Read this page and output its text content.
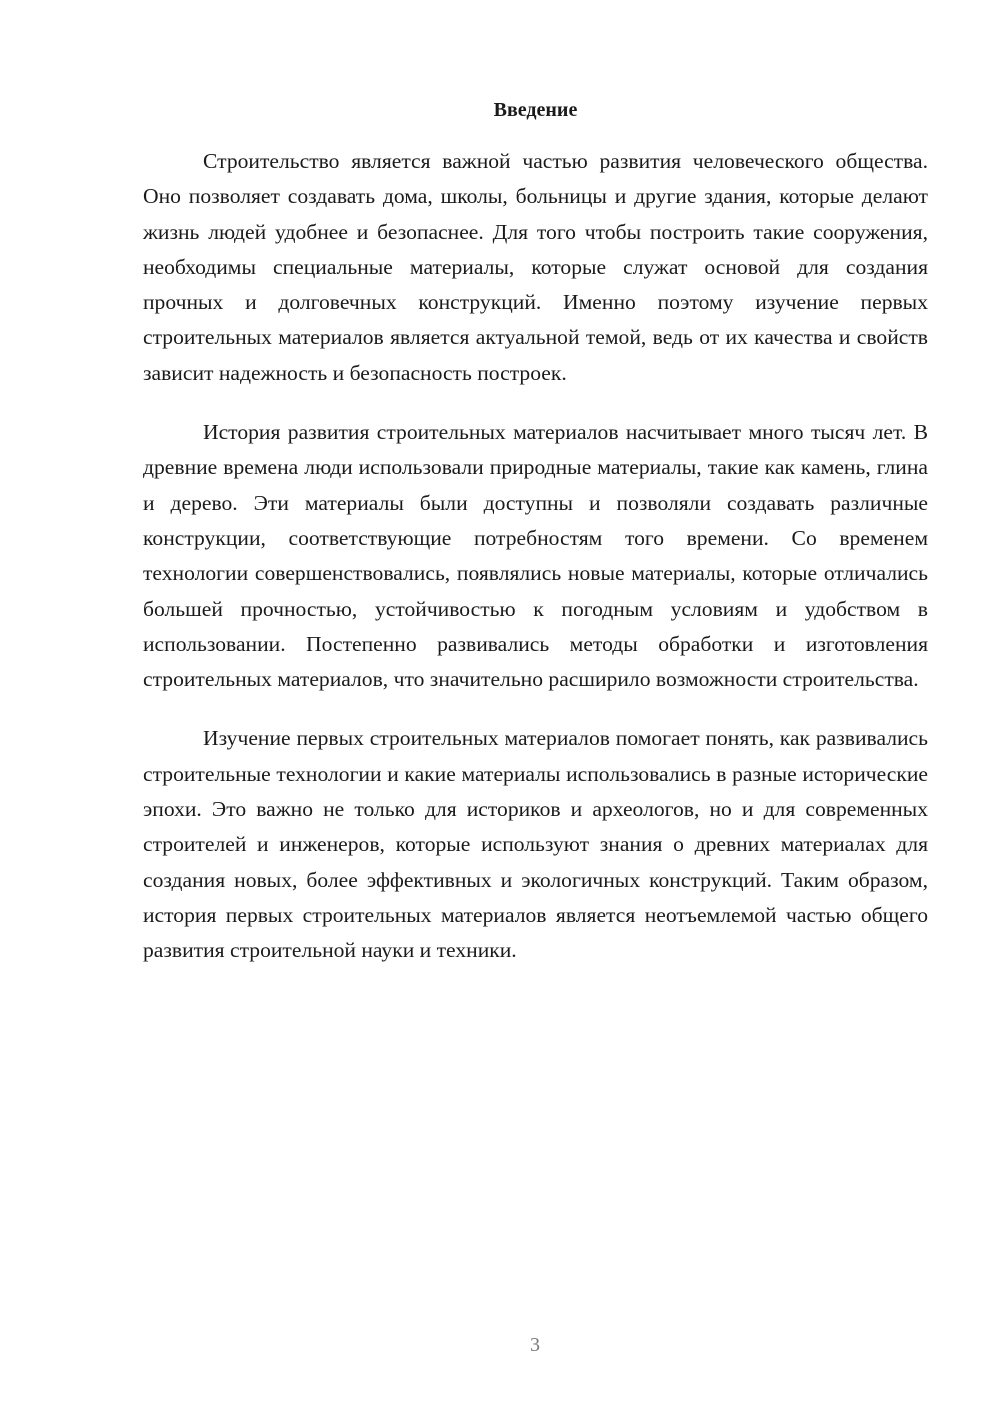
Введение

Строительство является важной частью развития человеческого общества. Оно позволяет создавать дома, школы, больницы и другие здания, которые делают жизнь людей удобнее и безопаснее. Для того чтобы построить такие сооружения, необходимы специальные материалы, которые служат основой для создания прочных и долговечных конструкций. Именно поэтому изучение первых строительных материалов является актуальной темой, ведь от их качества и свойств зависит надежность и безопасность построек.

История развития строительных материалов насчитывает много тысяч лет. В древние времена люди использовали природные материалы, такие как камень, глина и дерево. Эти материалы были доступны и позволяли создавать различные конструкции, соответствующие потребностям того времени. Со временем технологии совершенствовались, появлялись новые материалы, которые отличались большей прочностью, устойчивостью к погодным условиям и удобством в использовании. Постепенно развивались методы обработки и изготовления строительных материалов, что значительно расширило возможности строительства.

Изучение первых строительных материалов помогает понять, как развивались строительные технологии и какие материалы использовались в разные исторические эпохи. Это важно не только для историков и археологов, но и для современных строителей и инженеров, которые используют знания о древних материалах для создания новых, более эффективных и экологичных конструкций. Таким образом, история первых строительных материалов является неотъемлемой частью общего развития строительной науки и техники.

3
